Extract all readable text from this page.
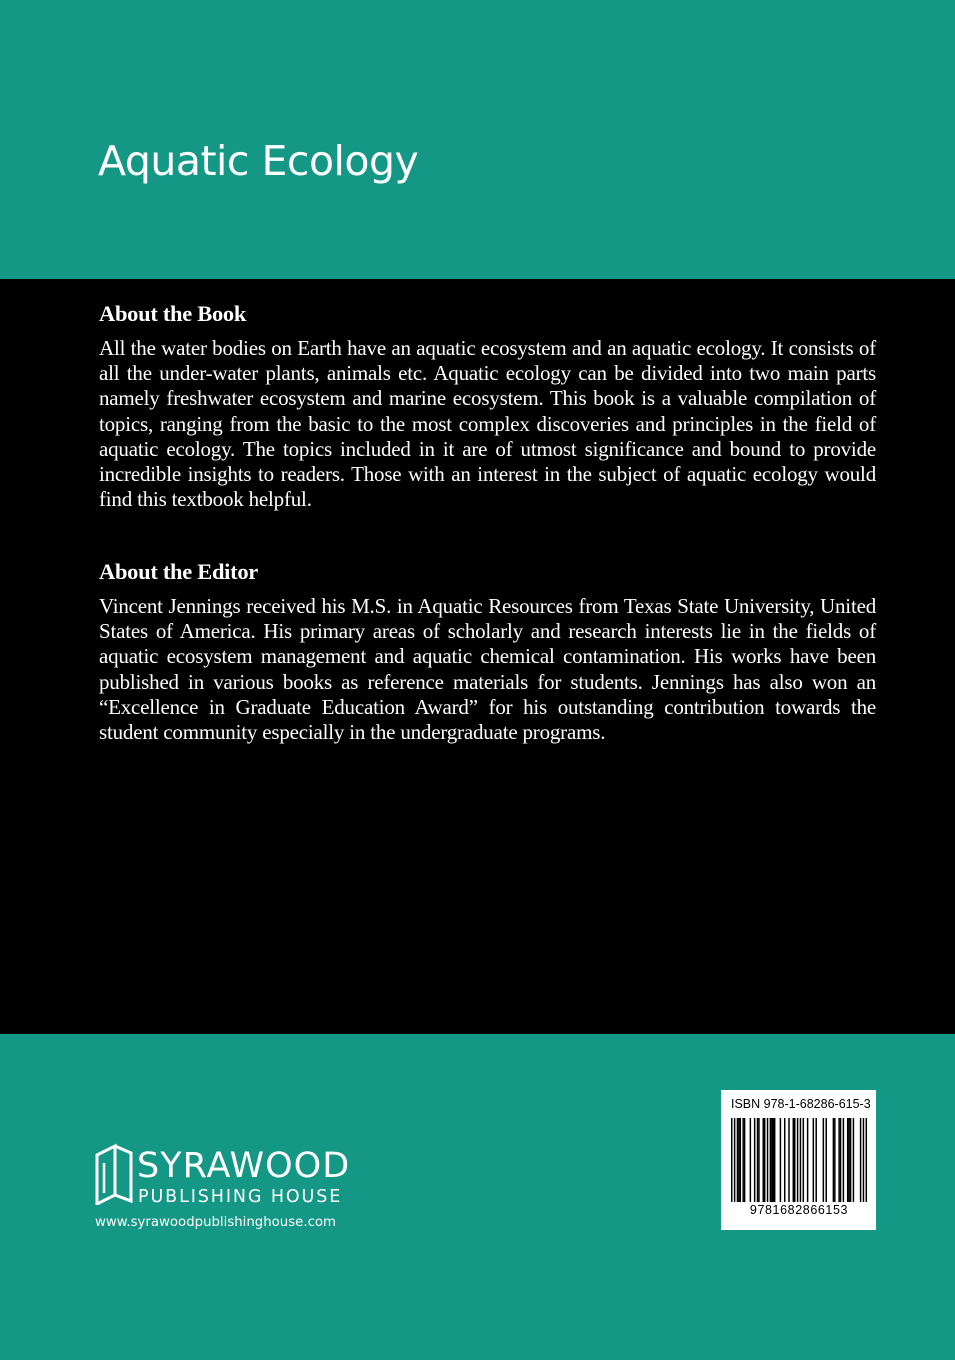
Aquatic Ecology
About the Book

All the water bodies on Earth have an aquatic ecosystem and an aquatic ecology. It consists of all the under-water plants, animals etc. Aquatic ecology can be divided into two main parts namely freshwater ecosystem and marine ecosystem. This book is a valuable compilation of topics, ranging from the basic to the most complex discoveries and principles in the field of aquatic ecology. The topics included in it are of utmost significance and bound to provide incredible insights to readers. Those with an interest in the subject of aquatic ecology would find this textbook helpful.

About the Editor

Vincent Jennings received his M.S. in Aquatic Resources from Texas State University, United States of America. His primary areas of scholarly and research interests lie in the fields of aquatic ecosystem management and aquatic chemical contamination. His works have been published in various books as reference materials for students. Jennings has also won an “Excellence in Graduate Education Award” for his outstanding contribution towards the student community especially in the undergraduate programs.

SYRAWOOD

PUBLISHING HOUSE

www.syrawoodpublishinghouse.com

ISBN 978-1-68286-615-3

9781682866153
